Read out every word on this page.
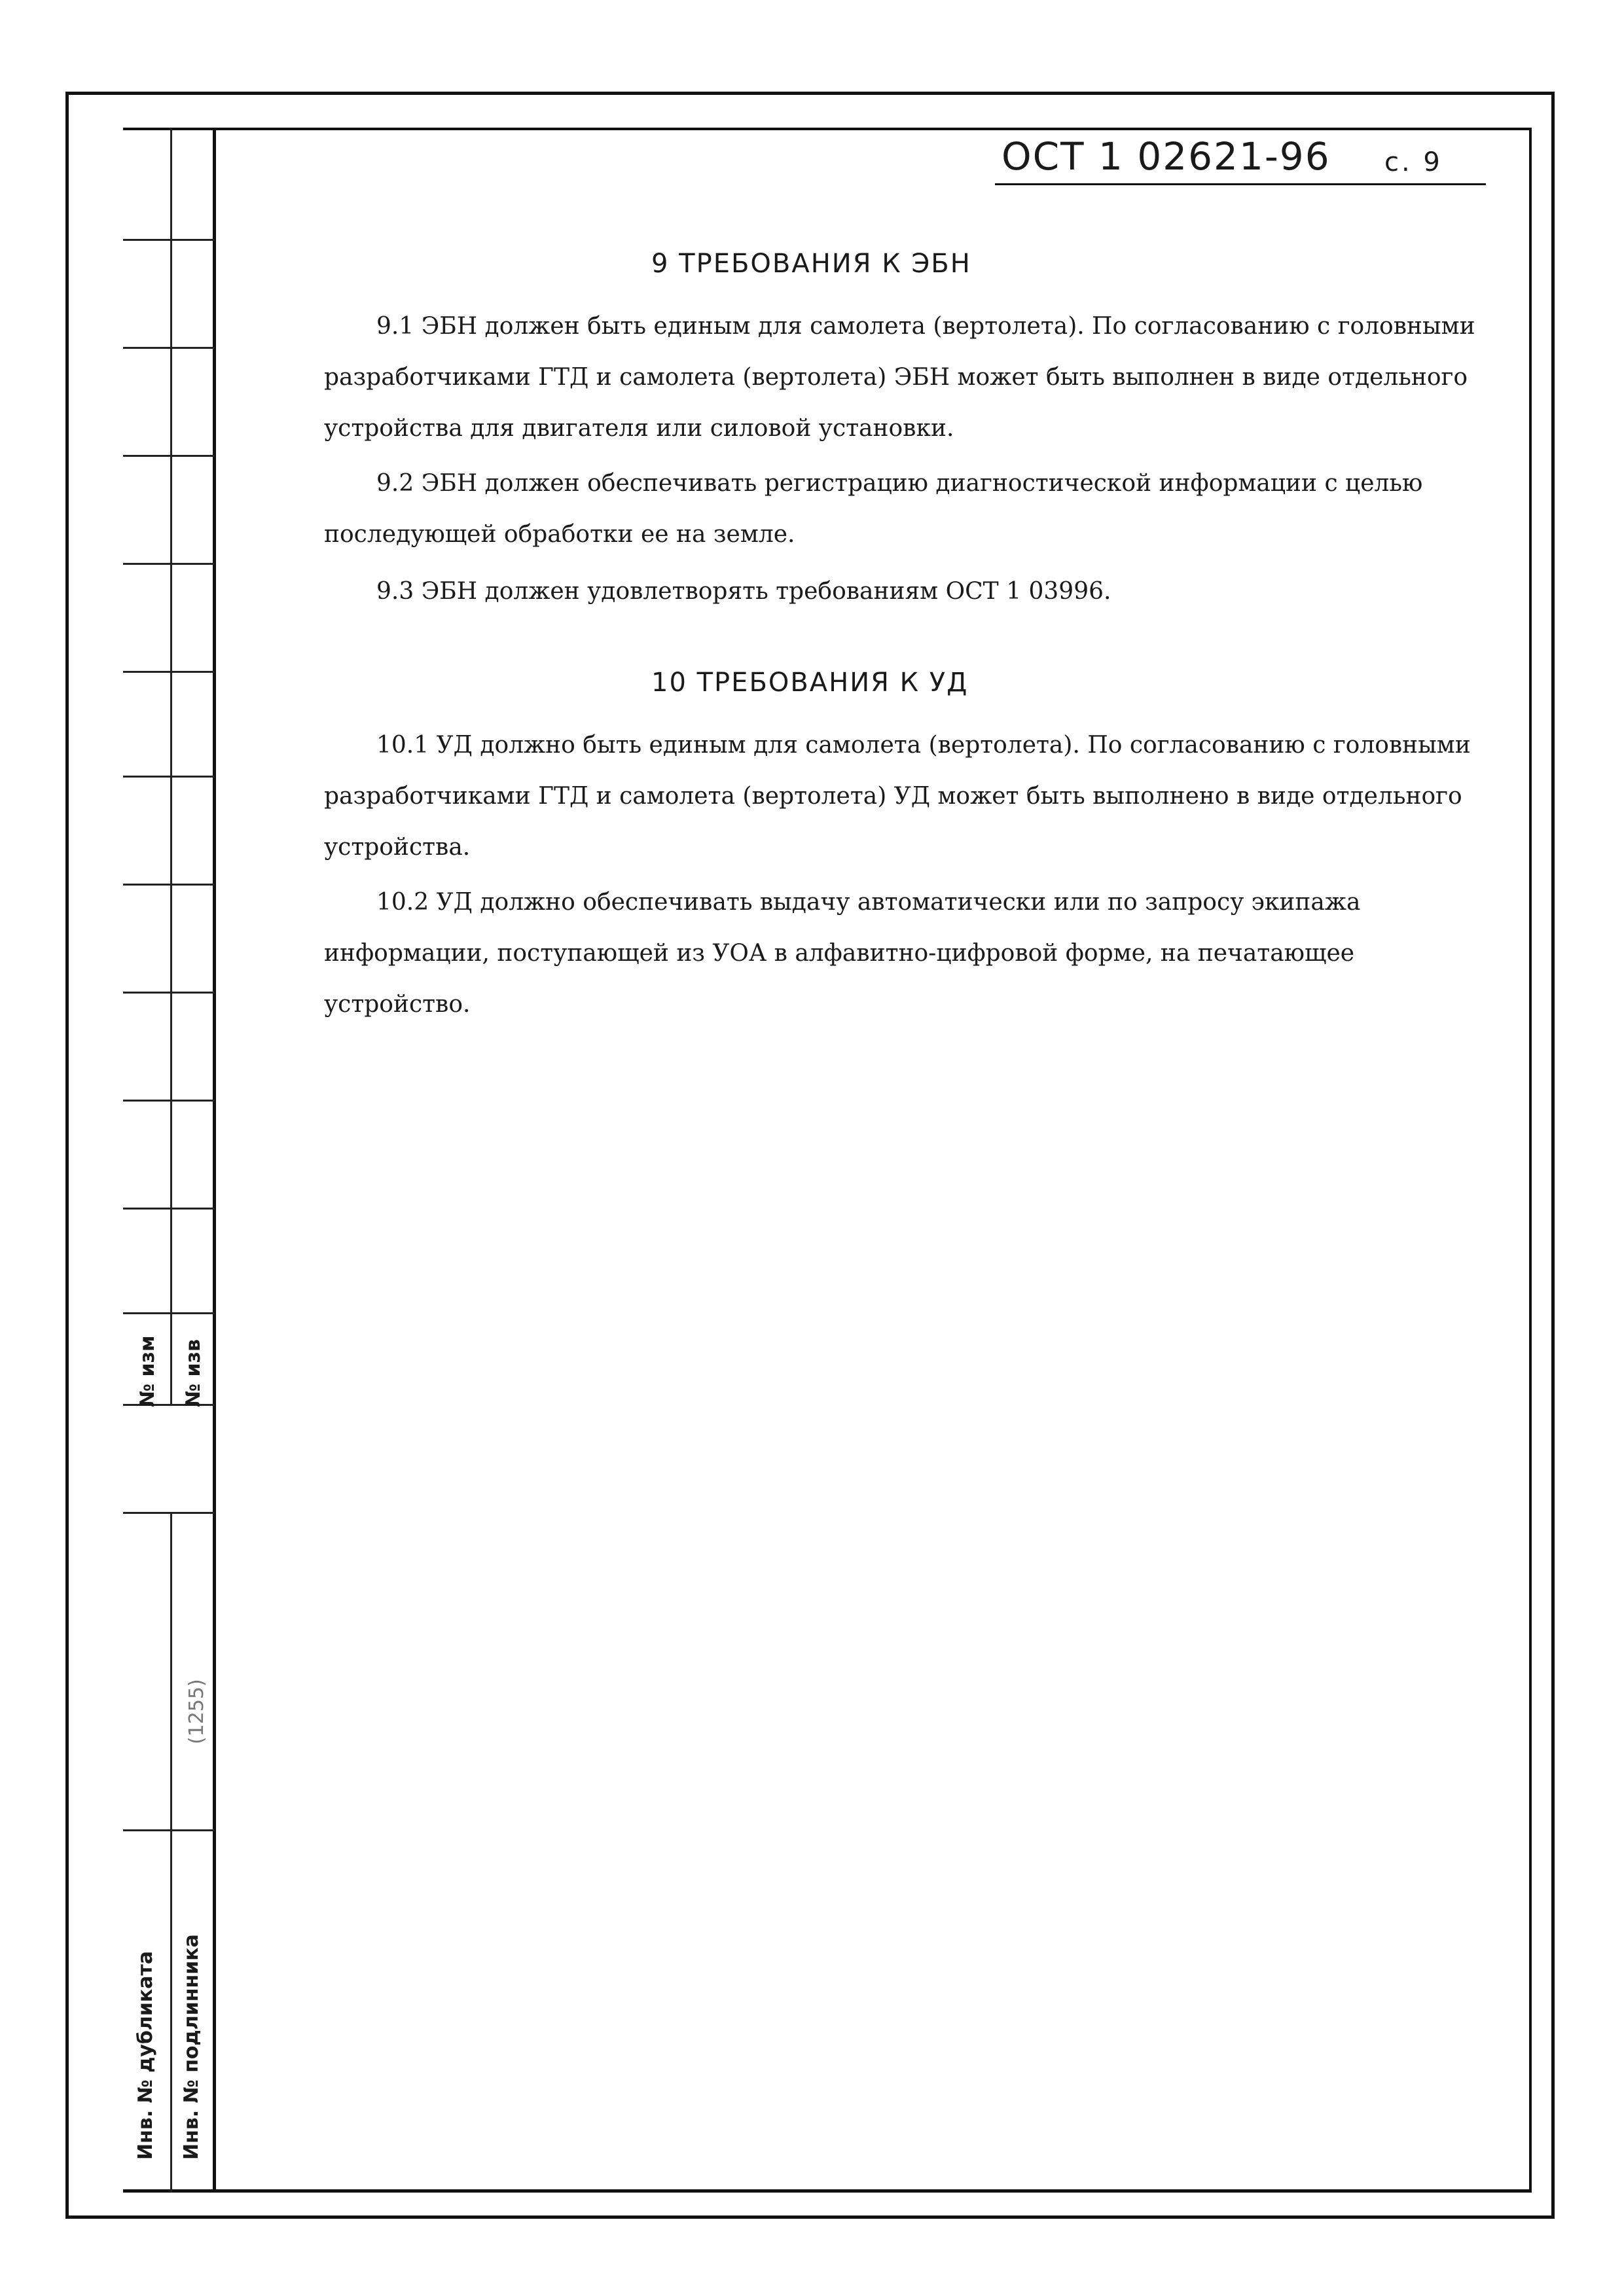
№ изм № изв
(1255)
Инв. № дубликата Инв. № подлинника
ОСТ 1 02621-96 с. 9
9 ТРЕБОВАНИЯ К ЭБН

9.1 ЭБН должен быть единым для самолета (вертолета). По согласованию с головными разработчиками ГТД и самолета (вертолета) ЭБН может быть выполнен в виде отдельного устройства для двигателя или силовой установки.

9.2 ЭБН должен обеспечивать регистрацию диагностической информации с целью последующей обработки ее на земле.

9.3 ЭБН должен удовлетворять требованиям ОСТ 1 03996.

10 ТРЕБОВАНИЯ К УД

10.1 УД должно быть единым для самолета (вертолета). По согласованию с головными разработчиками ГТД и самолета (вертолета) УД может быть выполнено в виде отдельного устройства.

10.2 УД должно обеспечивать выдачу автоматически или по запросу экипажа информации, поступающей из УОА в алфавитно-цифровой форме, на печатающее устройство.
